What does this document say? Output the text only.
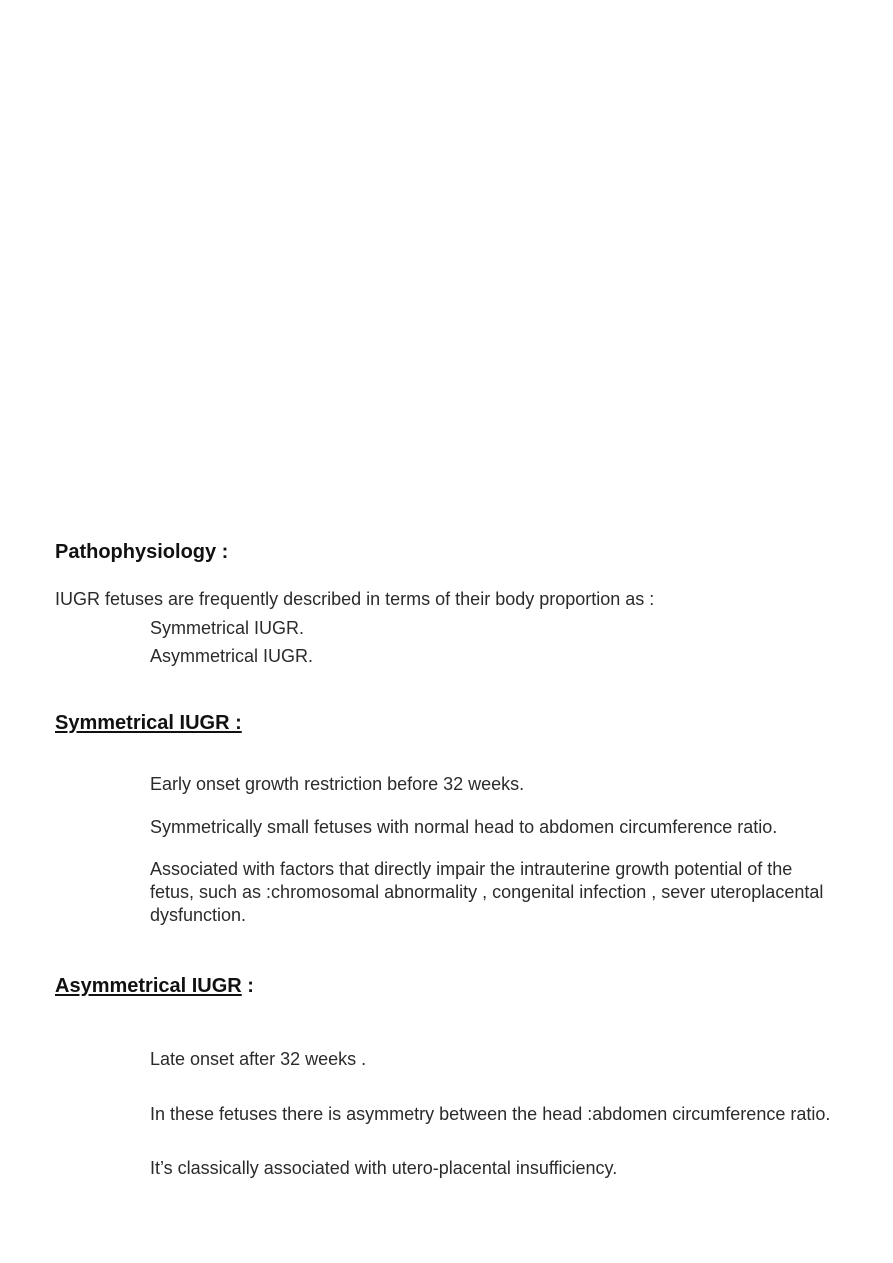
Pathophysiology :

IUGR fetuses are frequently described in terms of their body proportion as :

Symmetrical IUGR.

Asymmetrical IUGR.

Symmetrical IUGR :

Early onset growth restriction before 32 weeks.

Symmetrically small fetuses with normal head to abdomen circumference ratio.

Associated with factors that directly impair the intrauterine growth potential of the fetus, such as :chromosomal abnormality , congenital infection , sever uteroplacental dysfunction.

Asymmetrical IUGR :

Late onset after 32 weeks .

In these fetuses there is asymmetry between the head :abdomen circumference ratio.

It’s classically associated with utero-placental insufficiency.
